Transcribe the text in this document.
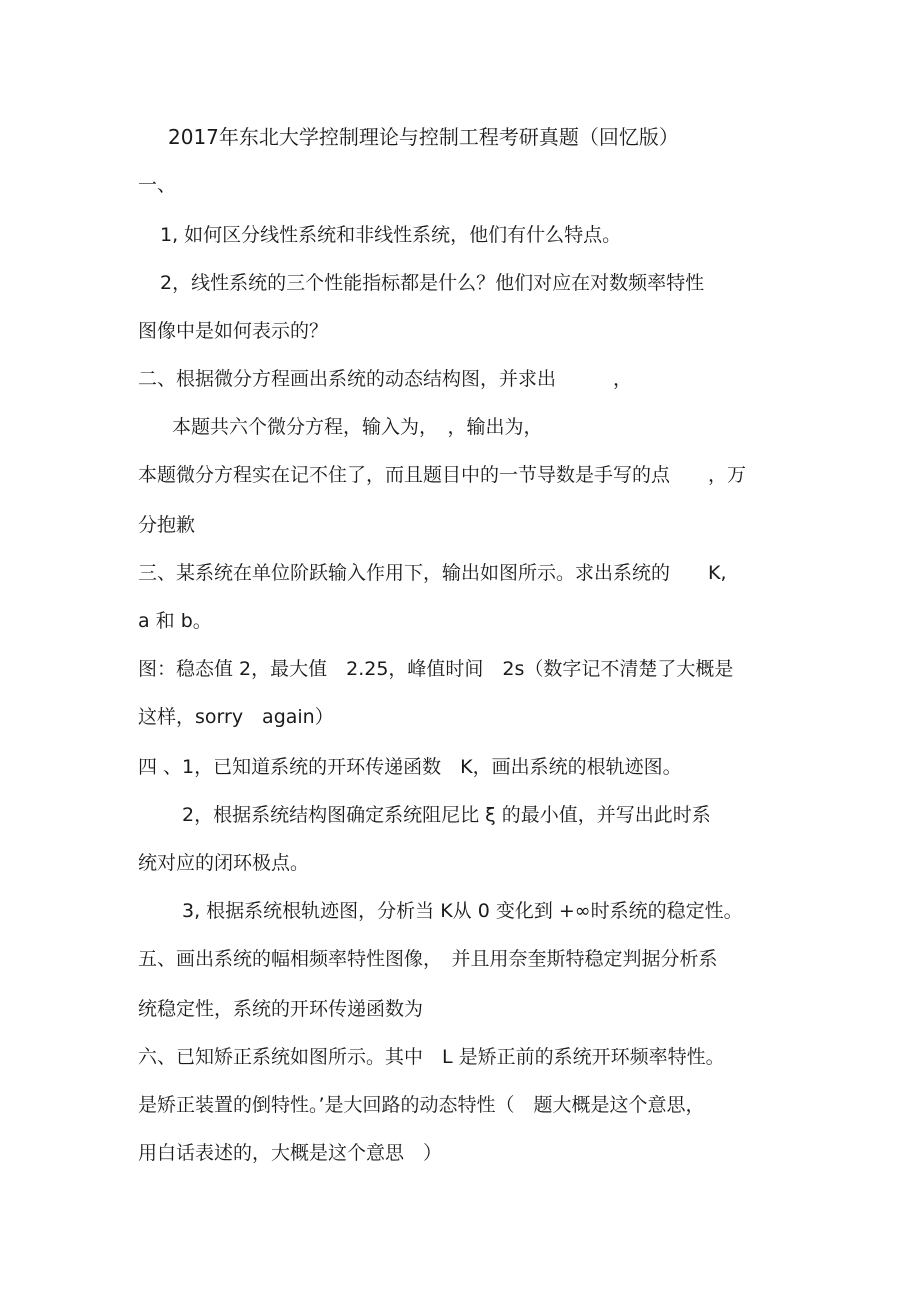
2017年东北大学控制理论与控制工程考研真题（回忆版）
一、
1, 如何区分线性系统和非线性系统，他们有什么特点。
2，线性系统的三个性能指标都是什么？他们对应在对数频率特性
图像中是如何表示的？
二、根据微分方程画出系统的动态结构图，并求出　　　，
本题共六个微分方程，输入为，　，输出为，
本题微分方程实在记不住了，而且题目中的一节导数是手写的点　　，万
分抱歉
三、某系统在单位阶跃输入作用下，输出如图所示。求出系统的　　K,
a 和 b。
图：稳态值 2，最大值　2.25，峰值时间　2s（数字记不清楚了大概是
这样，sorry　again）
四 、1，已知道系统的开环传递函数　K，画出系统的根轨迹图。
2，根据系统结构图确定系统阻尼比 ξ 的最小值，并写出此时系
统对应的闭环极点。
3, 根据系统根轨迹图，分析当 K从 0 变化到 +∞时系统的稳定性。
五、画出系统的幅相频率特性图像，　并且用奈奎斯特稳定判据分析系
统稳定性，系统的开环传递函数为
六、已知矫正系统如图所示。其中　L 是矫正前的系统开环频率特性。
是矫正装置的倒特性。’是大回路的动态特性（　题大概是这个意思，
用白话表述的，大概是这个意思　）
